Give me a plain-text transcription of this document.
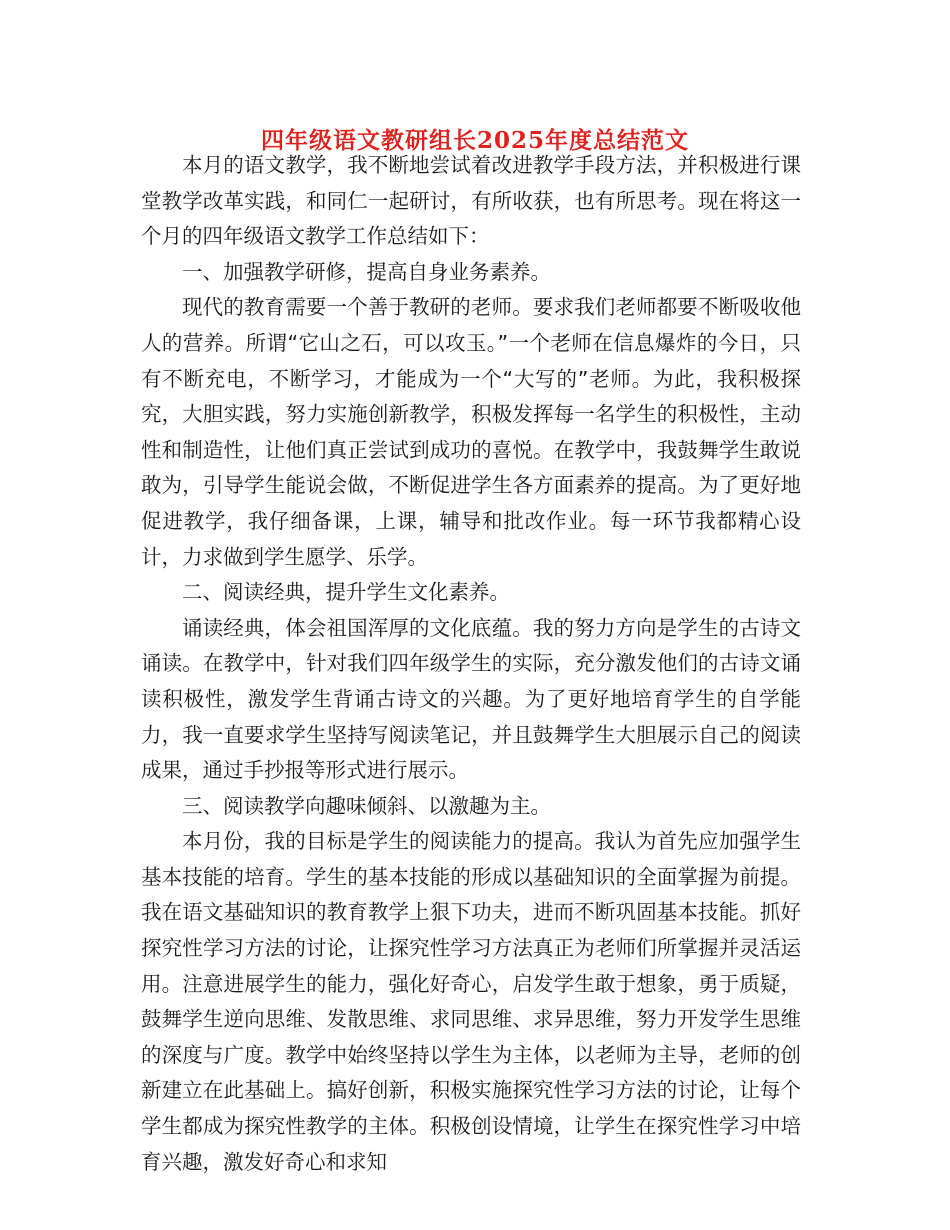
四年级语文教研组长2025年度总结范文

本月的语文教学，我不断地尝试着改进教学手段方法，并积极进行课堂教学改革实践，和同仁一起研讨，有所收获，也有所思考。现在将这一个月的四年级语文教学工作总结如下：

一、加强教学研修，提高自身业务素养。

现代的教育需要一个善于教研的老师。要求我们老师都要不断吸收他人的营养。所谓“它山之石，可以攻玉。”一个老师在信息爆炸的今日，只有不断充电，不断学习，才能成为一个“大写的”老师。为此，我积极探究，大胆实践，努力实施创新教学，积极发挥每一名学生的积极性，主动性和制造性，让他们真正尝试到成功的喜悦。在教学中，我鼓舞学生敢说敢为，引导学生能说会做，不断促进学生各方面素养的提高。为了更好地促进教学，我仔细备课，上课，辅导和批改作业。每一环节我都精心设计，力求做到学生愿学、乐学。

二、阅读经典，提升学生文化素养。

诵读经典，体会祖国浑厚的文化底蕴。我的努力方向是学生的古诗文诵读。在教学中，针对我们四年级学生的实际，充分激发他们的古诗文诵读积极性，激发学生背诵古诗文的兴趣。为了更好地培育学生的自学能力，我一直要求学生坚持写阅读笔记，并且鼓舞学生大胆展示自己的阅读成果，通过手抄报等形式进行展示。

三、阅读教学向趣味倾斜、以激趣为主。

本月份，我的目标是学生的阅读能力的提高。我认为首先应加强学生基本技能的培育。学生的基本技能的形成以基础知识的全面掌握为前提。我在语文基础知识的教育教学上狠下功夫，进而不断巩固基本技能。抓好探究性学习方法的讨论，让探究性学习方法真正为老师们所掌握并灵活运用。注意进展学生的能力，强化好奇心，启发学生敢于想象，勇于质疑，鼓舞学生逆向思维、发散思维、求同思维、求异思维，努力开发学生思维的深度与广度。教学中始终坚持以学生为主体，以老师为主导，老师的创新建立在此基础上。搞好创新，积极实施探究性学习方法的讨论，让每个学生都成为探究性教学的主体。积极创设情境，让学生在探究性学习中培育兴趣，激发好奇心和求知
